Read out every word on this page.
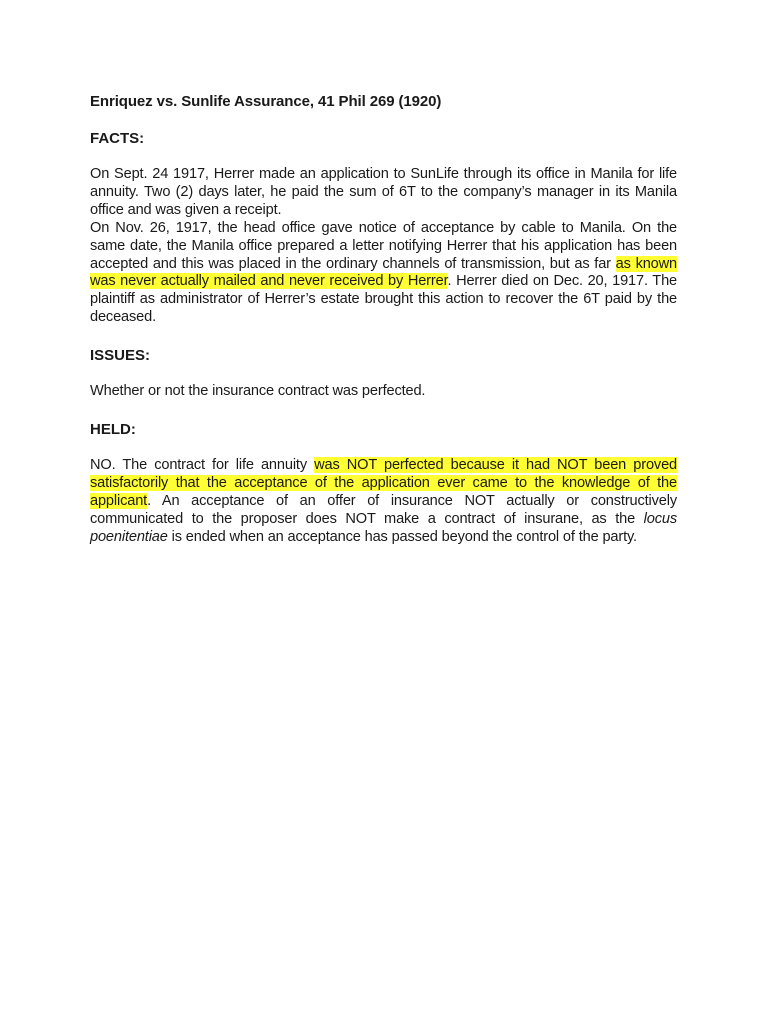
Enriquez vs. Sunlife Assurance, 41 Phil 269 (1920)
FACTS:

On Sept. 24 1917, Herrer made an application to SunLife through its office in Manila for life annuity. Two (2) days later, he paid the sum of 6T to the company’s manager in its Manila office and was given a receipt.
On Nov. 26, 1917, the head office gave notice of acceptance by cable to Manila. On the same date, the Manila office prepared a letter notifying Herrer that his application has been accepted and this was placed in the ordinary channels of transmission, but as far as known was never actually mailed and never received by Herrer. Herrer died on Dec. 20, 1917. The plaintiff as administrator of Herrer’s estate brought this action to recover the 6T paid by the deceased.

ISSUES:

Whether or not the insurance contract was perfected.

HELD:

NO. The contract for life annuity was NOT perfected because it had NOT been proved satisfactorily that the acceptance of the application ever came to the knowledge of the applicant. An acceptance of an offer of insurance NOT actually or constructively communicated to the proposer does NOT make a contract of insurane, as the locus poenitentiae is ended when an acceptance has passed beyond the control of the party.
